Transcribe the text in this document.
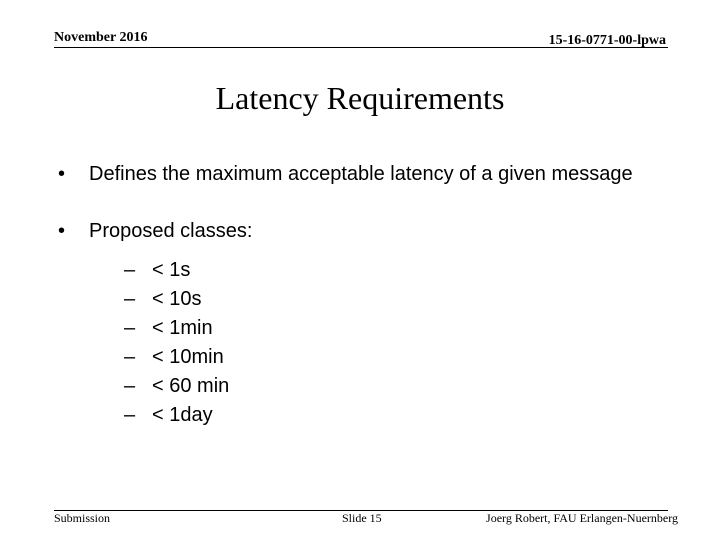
November 2016	15-16-0771-00-lpwa
Latency Requirements
• Defines the maximum acceptable latency of a given message
• Proposed classes:
– < 1s
– < 10s
– < 1min
– < 10min
– < 60 min
– < 1day
Submission	Slide 15	Joerg Robert, FAU Erlangen-Nuernberg
